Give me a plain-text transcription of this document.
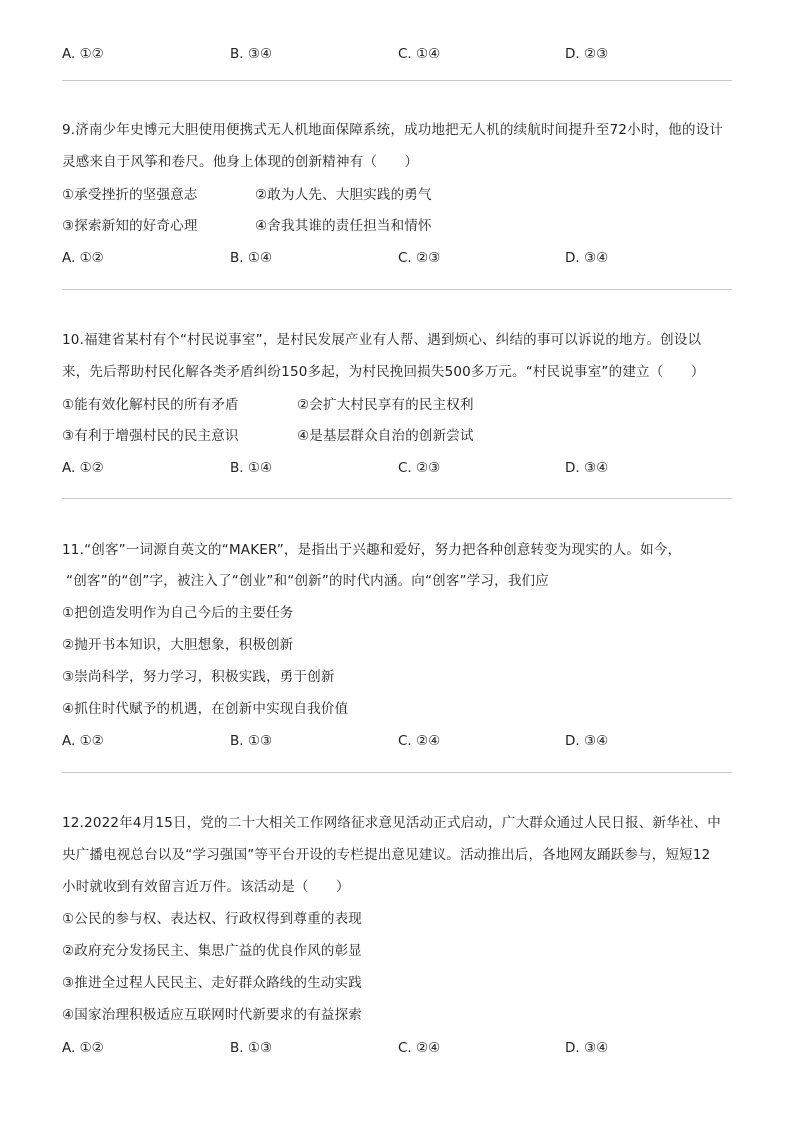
A. ①②	B. ③④	C. ①④	D. ②③
9.济南少年史博元大胆使用便携式无人机地面保障系统，成功地把无人机的续航时间提升至72小时，他的设计
灵感来自于风筝和卷尺。他身上体现的创新精神有（　　）
①承受挫折的坚强意志	②敢为人先、大胆实践的勇气
③探索新知的好奇心理	④舍我其谁的责任担当和情怀
A. ①②	B. ①④	C. ②③	D. ③④
10.福建省某村有个“村民说事室”，是村民发展产业有人帮、遇到烦心、纠结的事可以诉说的地方。创设以
来，先后帮助村民化解各类矛盾纠纷150多起，为村民挽回损失500多万元。“村民说事室”的建立（　　）
①能有效化解村民的所有矛盾	②会扩大村民享有的民主权利
③有利于增强村民的民主意识	④是基层群众自治的创新尝试
A. ①②	B. ①④	C. ②③	D. ③④
11.“创客”一词源自英文的“MAKER”，是指出于兴趣和爱好，努力把各种创意转变为现实的人。如今，
“创客”的“创”字，被注入了“创业”和“创新”的时代内涵。向“创客”学习，我们应
①把创造发明作为自己今后的主要任务
②抛开书本知识，大胆想象，积极创新
③崇尚科学，努力学习，积极实践，勇于创新
④抓住时代赋予的机遇，在创新中实现自我价值
A. ①②	B. ①③	C. ②④	D. ③④
12.2022年4月15日，党的二十大相关工作网络征求意见活动正式启动，广大群众通过人民日报、新华社、中
央广播电视总台以及“学习强国”等平台开设的专栏提出意见建议。活动推出后，各地网友踊跃参与，短短12
小时就收到有效留言近万件。该活动是（　　）
①公民的参与权、表达权、行政权得到尊重的表现
②政府充分发扬民主、集思广益的优良作风的彰显
③推进全过程人民民主、走好群众路线的生动实践
④国家治理积极适应互联网时代新要求的有益探索
A. ①②	B. ①③	C. ②④	D. ③④
